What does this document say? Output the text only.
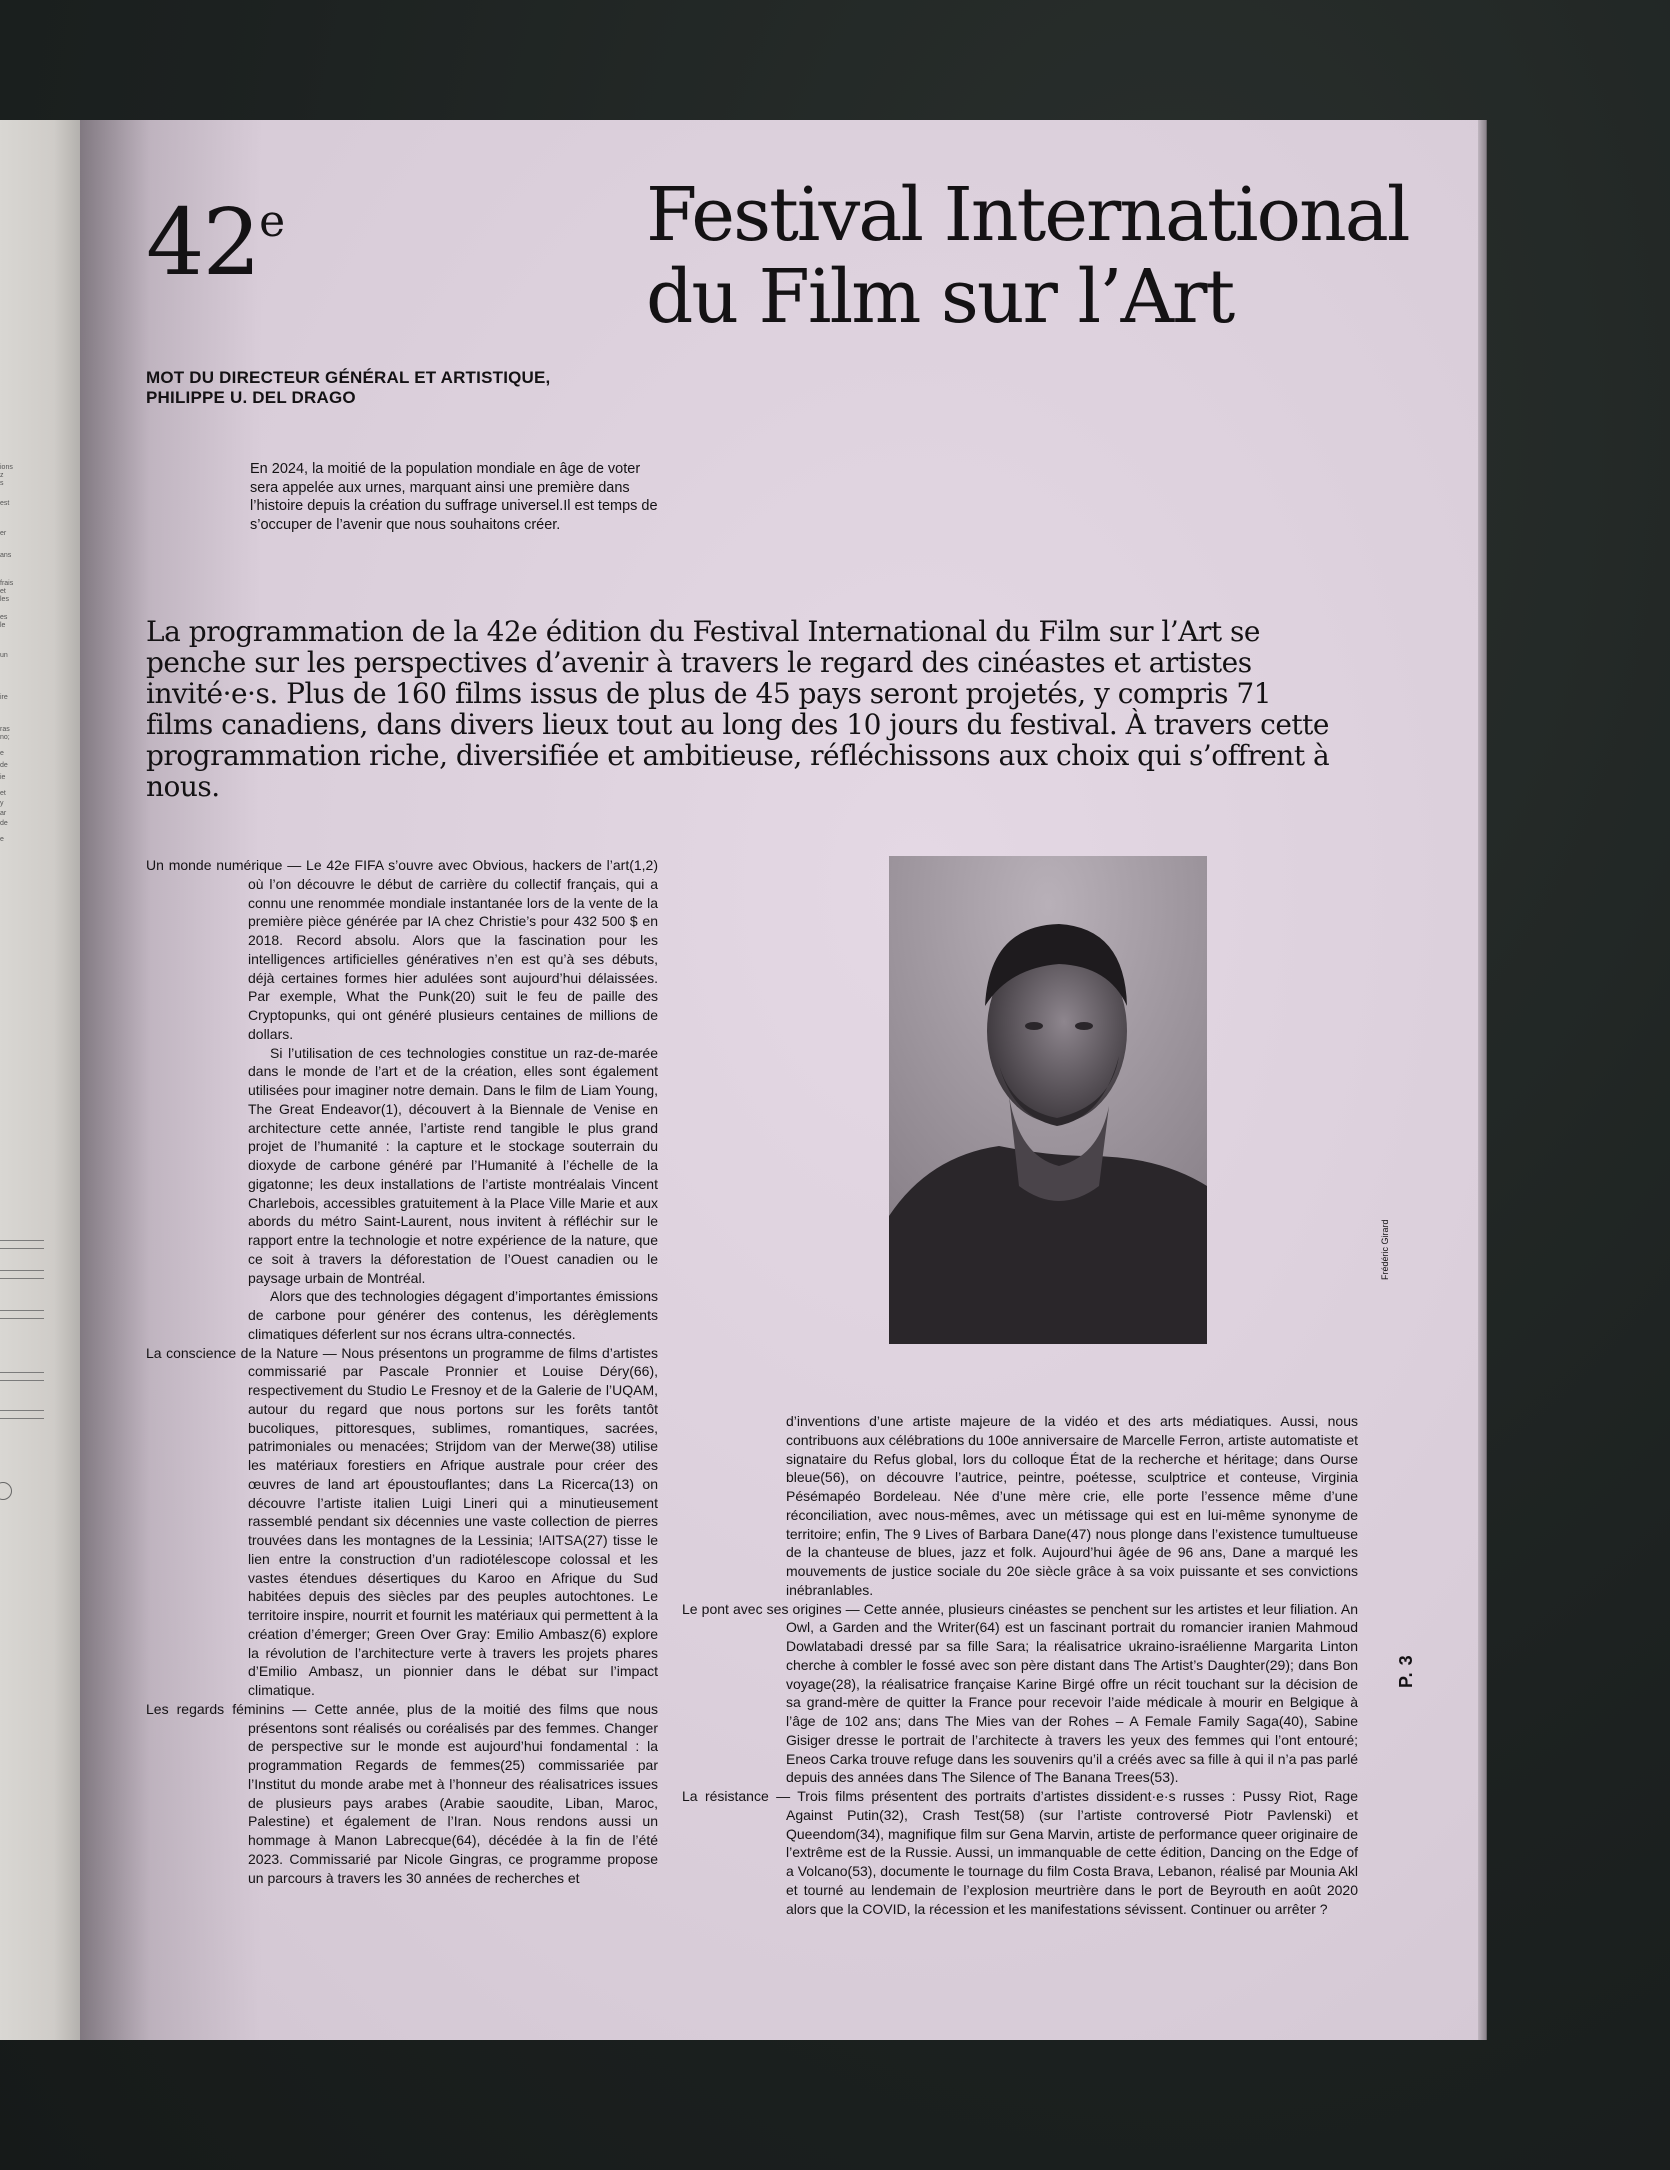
ions
z
s
est
er
ans
frais
et
les
es
le
un
ire
ras
no;
e
de
ie
et
y
ar
de
e
42e	Festival International
du Film sur l’Art
MOT DU DIRECTEUR GÉNÉRAL ET ARTISTIQUE,
PHILIPPE U. DEL DRAGO
En 2024, la moitié de la population mondiale en âge de voter sera appelée aux urnes, marquant ainsi une première dans l’histoire depuis la création du suffrage universel.Il est temps de s’occuper de l’avenir que nous souhaitons créer.
La programmation de la 42e édition du Festival International du Film sur l’Art se penche sur les perspectives d’avenir à travers le regard des cinéastes et artistes invité·e·s. Plus de 160 films issus de plus de 45 pays seront projetés, y compris 71 films canadiens, dans divers lieux tout au long des 10 jours du festival. À travers cette programmation riche, diversifiée et ambitieuse, réfléchissons aux choix qui s’offrent à nous.

Un monde numérique — Le 42e FIFA s’ouvre avec Obvious, hackers de l’art(1,2) où l’on découvre le début de carrière du collectif français, qui a connu une renommée mondiale instantanée lors de la vente de la première pièce générée par IA chez Christie’s pour 432 500 $ en 2018. Record absolu. Alors que la fascination pour les intelligences artificielles génératives n’en est qu’à ses débuts, déjà certaines formes hier adulées sont aujourd’hui délaissées. Par exemple, What the Punk(20) suit le feu de paille des Cryptopunks, qui ont généré plusieurs centaines de millions de dollars.

Si l’utilisation de ces technologies constitue un raz-de-marée dans le monde de l’art et de la création, elles sont également utilisées pour imaginer notre demain. Dans le film de Liam Young, The Great Endeavor(1), découvert à la Biennale de Venise en architecture cette année, l’artiste rend tangible le plus grand projet de l’humanité : la capture et le stockage souterrain du dioxyde de carbone généré par l’Humanité à l’échelle de la gigatonne; les deux installations de l’artiste montréalais Vincent Charlebois, accessibles gratuitement à la Place Ville Marie et aux abords du métro Saint-Laurent, nous invitent à réfléchir sur le rapport entre la technologie et notre expérience de la nature, que ce soit à travers la déforestation de l’Ouest canadien ou le paysage urbain de Montréal.

Alors que des technologies dégagent d’importantes émissions de carbone pour générer des contenus, les dérèglements climatiques déferlent sur nos écrans ultra-connectés.

La conscience de la Nature — Nous présentons un programme de films d’artistes commissarié par Pascale Pronnier et Louise Déry(66), respectivement du Studio Le Fresnoy et de la Galerie de l’UQAM, autour du regard que nous portons sur les forêts tantôt bucoliques, pittoresques, sublimes, romantiques, sacrées, patrimoniales ou menacées; Strijdom van der Merwe(38) utilise les matériaux forestiers en Afrique australe pour créer des œuvres de land art époustouflantes; dans La Ricerca(13) on découvre l’artiste italien Luigi Lineri qui a minutieusement rassemblé pendant six décennies une vaste collection de pierres trouvées dans les montagnes de la Lessinia; !AITSA(27) tisse le lien entre la construction d’un radiotélescope colossal et les vastes étendues désertiques du Karoo en Afrique du Sud habitées depuis des siècles par des peuples autochtones. Le territoire inspire, nourrit et fournit les matériaux qui permettent à la création d’émerger; Green Over Gray: Emilio Ambasz(6) explore la révolution de l’architecture verte à travers les projets phares d’Emilio Ambasz, un pionnier dans le débat sur l’impact climatique.

Les regards féminins — Cette année, plus de la moitié des films que nous présentons sont réalisés ou coréalisés par des femmes. Changer de perspective sur le monde est aujourd’hui fondamental : la programmation Regards de femmes(25) commissariée par l’Institut du monde arabe met à l’honneur des réalisatrices issues de plusieurs pays arabes (Arabie saoudite, Liban, Maroc, Palestine) et également de l’Iran. Nous rendons aussi un hommage à Manon Labrecque(64), décédée à la fin de l’été 2023. Commissarié par Nicole Gingras, ce programme propose un parcours à travers les 30 années de recherches et

d’inventions d’une artiste majeure de la vidéo et des arts médiatiques. Aussi, nous contribuons aux célébrations du 100e anniversaire de Marcelle Ferron, artiste automatiste et signataire du Refus global, lors du colloque État de la recherche et héritage; dans Ourse bleue(56), on découvre l’autrice, peintre, poétesse, sculptrice et conteuse, Virginia Pésémapéo Bordeleau. Née d’une mère crie, elle porte l’essence même d’une réconciliation, avec nous-mêmes, avec un métissage qui est en lui-même synonyme de territoire; enfin, The 9 Lives of Barbara Dane(47) nous plonge dans l’existence tumultueuse de la chanteuse de blues, jazz et folk. Aujourd’hui âgée de 96 ans, Dane a marqué les mouvements de justice sociale du 20e siècle grâce à sa voix puissante et ses convictions inébranlables.

Le pont avec ses origines — Cette année, plusieurs cinéastes se penchent sur les artistes et leur filiation. An Owl, a Garden and the Writer(64) est un fascinant portrait du romancier iranien Mahmoud Dowlatabadi dressé par sa fille Sara; la réalisatrice ukraino-israélienne Margarita Linton cherche à combler le fossé avec son père distant dans The Artist’s Daughter(29); dans Bon voyage(28), la réalisatrice française Karine Birgé offre un récit touchant sur la décision de sa grand-mère de quitter la France pour recevoir l’aide médicale à mourir en Belgique à l’âge de 102 ans; dans The Mies van der Rohes – A Female Family Saga(40), Sabine Gisiger dresse le portrait de l’architecte à travers les yeux des femmes qui l’ont entouré; Eneos Carka trouve refuge dans les souvenirs qu’il a créés avec sa fille à qui il n’a pas parlé depuis des années dans The Silence of The Banana Trees(53).

La résistance — Trois films présentent des portraits d’artistes dissident·e·s russes : Pussy Riot, Rage Against Putin(32), Crash Test(58) (sur l’artiste controversé Piotr Pavlenski) et Queendom(34), magnifique film sur Gena Marvin, artiste de performance queer originaire de l’extrême est de la Russie. Aussi, un immanquable de cette édition, Dancing on the Edge of a Volcano(53), documente le tournage du film Costa Brava, Lebanon, réalisé par Mounia Akl et tourné au lendemain de l’explosion meurtrière dans le port de Beyrouth en août 2020 alors que la COVID, la récession et les manifestations sévissent. Continuer ou arrêter ?

Frédéric Girard
P. 3
